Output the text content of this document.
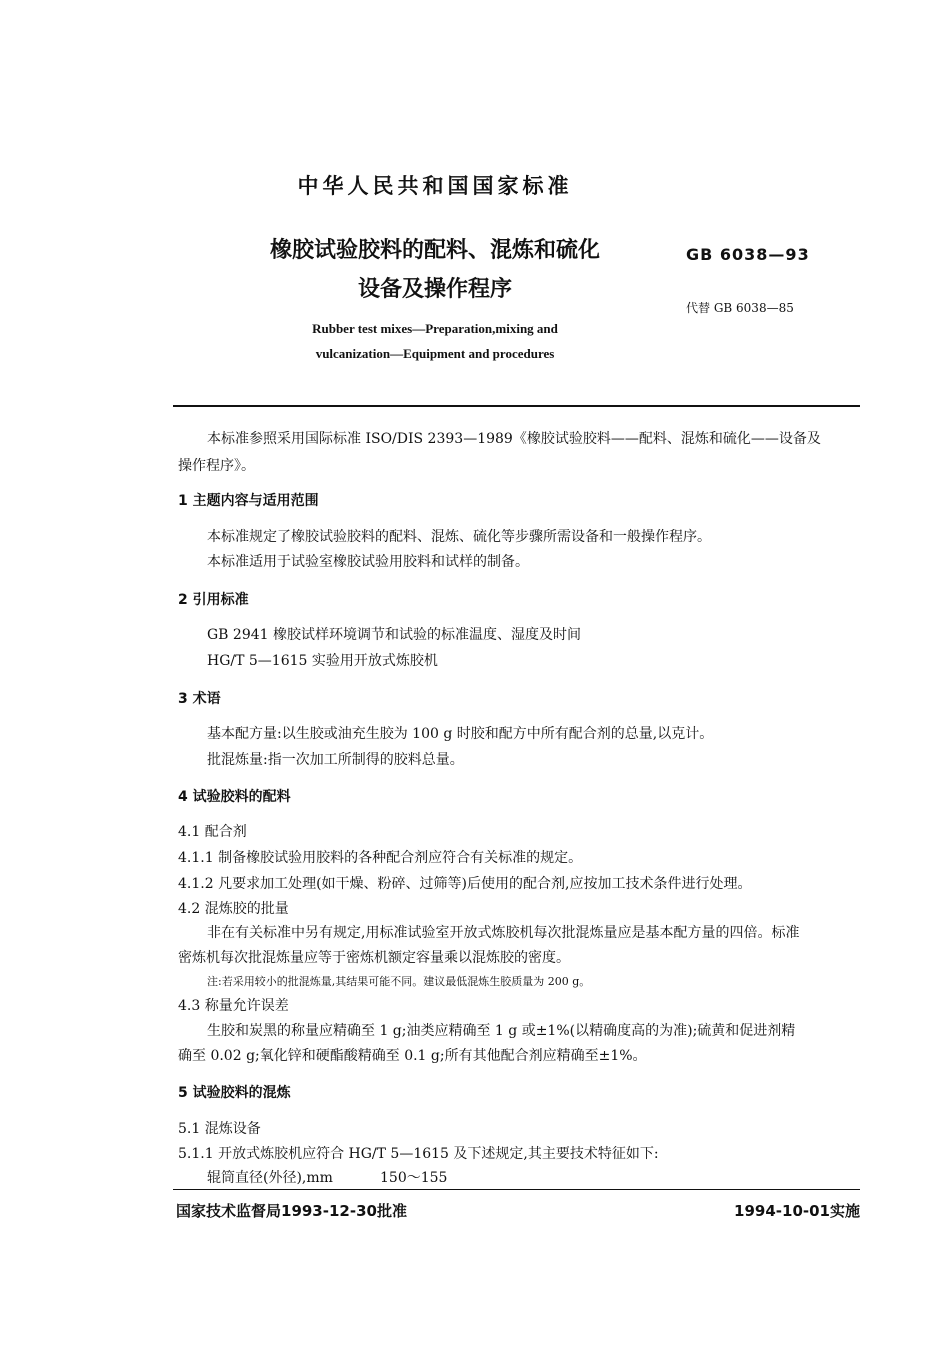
中华人民共和国国家标准
橡胶试验胶料的配料、混炼和硫化
设备及操作程序
GB 6038—93
代替 GB 6038—85
Rubber test mixes—Preparation,mixing and
vulcanization—Equipment and procedures
本标准参照采用国际标准 ISO/DIS 2393—1989《橡胶试验胶料——配料、混炼和硫化——设备及
操作程序》。
1 主题内容与适用范围
本标准规定了橡胶试验胶料的配料、混炼、硫化等步骤所需设备和一般操作程序。
本标准适用于试验室橡胶试验用胶料和试样的制备。
2 引用标准
GB 2941 橡胶试样环境调节和试验的标准温度、湿度及时间
HG/T 5—1615 实验用开放式炼胶机
3 术语
基本配方量:以生胶或油充生胶为 100 g 时胶和配方中所有配合剂的总量,以克计。
批混炼量:指一次加工所制得的胶料总量。
4 试验胶料的配料
4.1 配合剂
4.1.1 制备橡胶试验用胶料的各种配合剂应符合有关标准的规定。
4.1.2 凡要求加工处理(如干燥、粉碎、过筛等)后使用的配合剂,应按加工技术条件进行处理。
4.2 混炼胶的批量
非在有关标准中另有规定,用标准试验室开放式炼胶机每次批混炼量应是基本配方量的四倍。标准
密炼机每次批混炼量应等于密炼机额定容量乘以混炼胶的密度。
注:若采用较小的批混炼量,其结果可能不同。建议最低混炼生胶质量为 200 g。
4.3 称量允许误差
生胶和炭黑的称量应精确至 1 g;油类应精确至 1 g 或±1%(以精确度高的为准);硫黄和促进剂精
确至 0.02 g;氧化锌和硬酯酸精确至 0.1 g;所有其他配合剂应精确至±1%。
5 试验胶料的混炼
5.1 混炼设备
5.1.1 开放式炼胶机应符合 HG/T 5—1615 及下述规定,其主要技术特征如下:
辊筒直径(外径),mm	150～155
国家技术监督局1993-12-30批准	1994-10-01实施
